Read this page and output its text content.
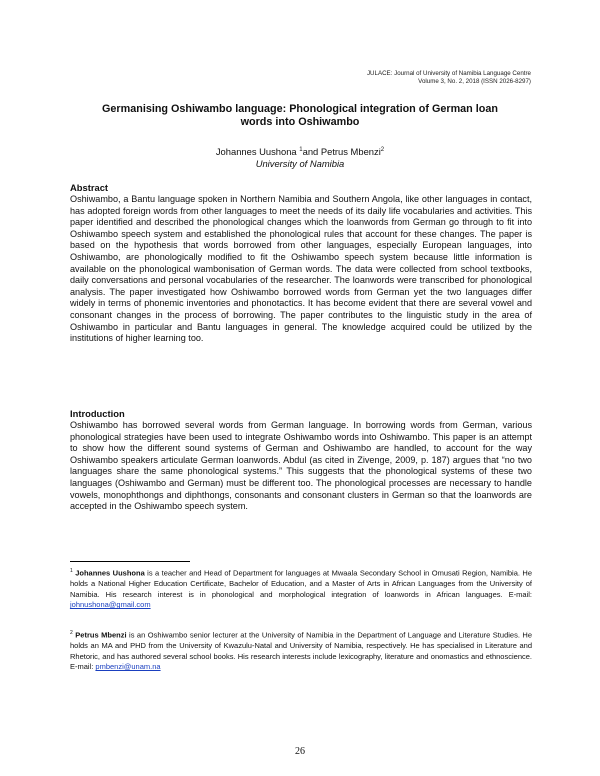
JULACE: Journal of University of Namibia Language Centre
Volume 3, No. 2, 2018 (ISSN 2026-8297)
Germanising Oshiwambo language: Phonological integration of German loan
words into Oshiwambo
Johannes Uushona $^1$and Petrus Mbenzi$^2$
University of Namibia
Abstract
Oshiwambo, a Bantu language spoken in Northern Namibia and Southern Angola, like other languages in contact, has adopted foreign words from other languages to meet the needs of its daily life vocabularies and activities. This paper identified and described the phonological changes which the loanwords from German go through to fit into Oshiwambo speech system and established the phonological rules that account for these changes. The paper is based on the hypothesis that words borrowed from other languages, especially European languages, into Oshiwambo, are phonologically modified to fit the Oshiwambo speech system because little information is available on the phonological wambonisation of German words. The data were collected from school textbooks, daily conversations and personal vocabularies of the researcher. The loanwords were transcribed for phonological analysis. The paper investigated how Oshiwambo borrowed words from German yet the two languages differ widely in terms of phonemic inventories and phonotactics. It has become evident that there are several vowel and consonant changes in the process of borrowing. The paper contributes to the linguistic study in the area of Oshiwambo in particular and Bantu languages in general. The knowledge acquired could be utilized by the institutions of higher learning too.
Introduction
Oshiwambo has borrowed several words from German language. In borrowing words from German, various phonological strategies have been used to integrate Oshiwambo words into Oshiwambo. This paper is an attempt to show how the different sound systems of German and Oshiwambo are handled, to account for the way Oshiwambo speakers articulate German loanwords. Abdul (as cited in Zivenge, 2009, p. 187) argues that “no two languages share the same phonological systems.” This suggests that the phonological systems of these two languages (Oshiwambo and German) must be different too. The phonological processes are necessary to handle vowels, monophthongs and diphthongs, consonants and consonant clusters in German so that the loanwords are accepted in the Oshiwambo speech system.
$^1$ Johannes Uushona is a teacher and Head of Department for languages at Mwaala Secondary School in Omusati Region, Namibia. He holds a National Higher Education Certificate, Bachelor of Education, and a Master of Arts in African Languages from the University of Namibia. His research interest is in phonological and morphological integration of loanwords in African languages. E-mail: johnushona@gmail.com
$^2$ Petrus Mbenzi is an Oshiwambo senior lecturer at the University of Namibia in the Department of Language and Literature Studies. He holds an MA and PHD from the University of Kwazulu-Natal and University of Namibia, respectively. He has specialised in Literature and Rhetoric, and has authored several school books. His research interests include lexicography, literature and onomastics and ethnoscience. E-mail: pmbenzi@unam.na
26
